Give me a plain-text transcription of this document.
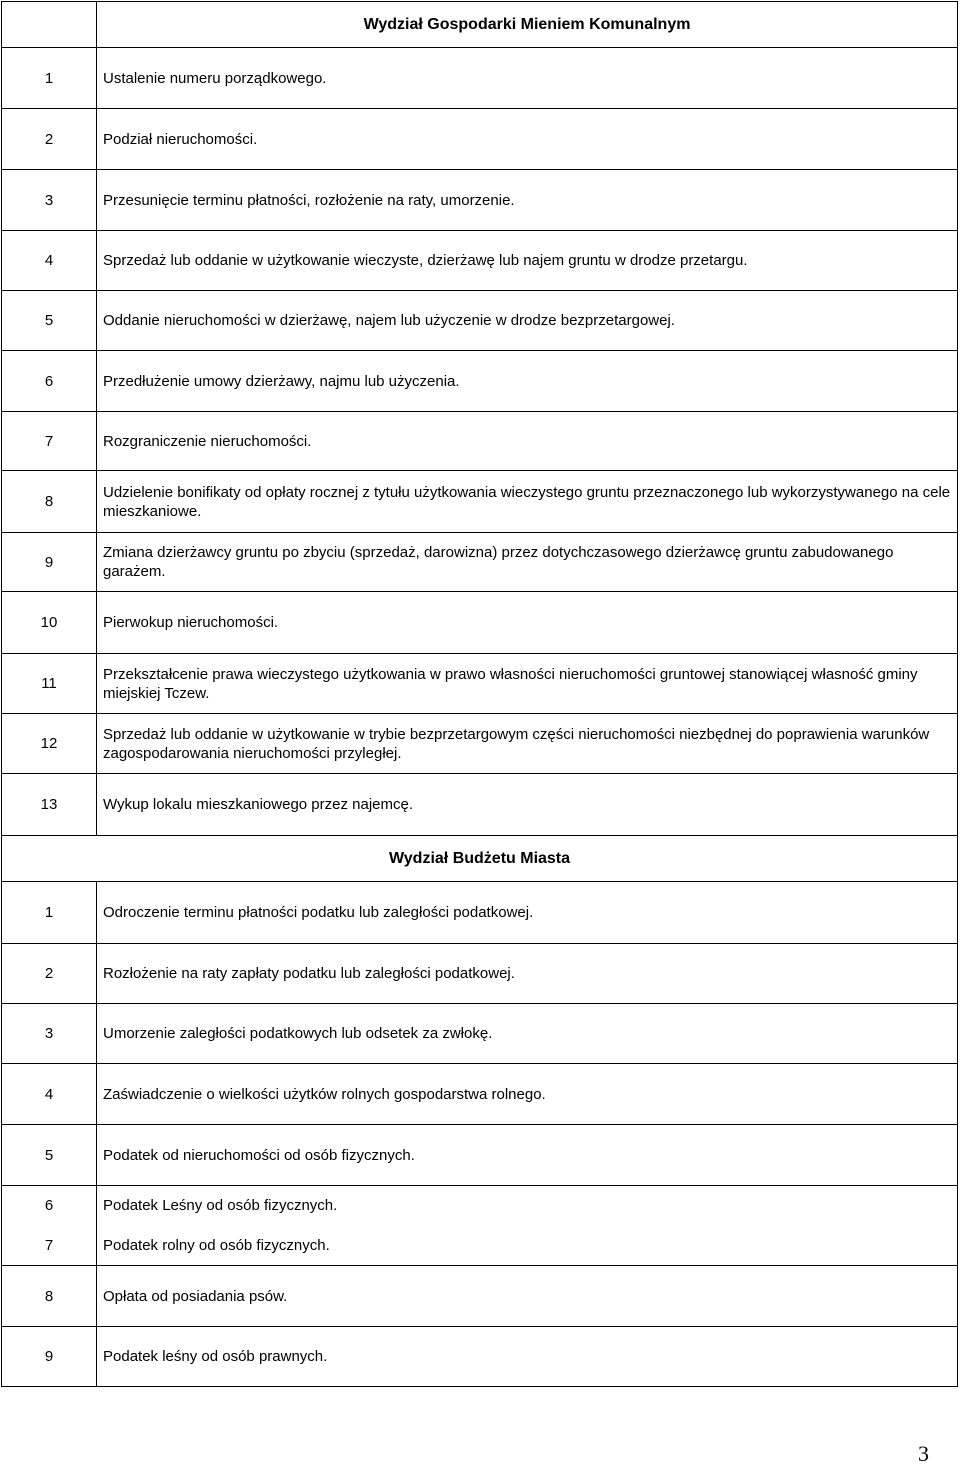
	Wydział Gospodarki Mieniem Komunalnym
1	Ustalenie numeru porządkowego.
2	Podział nieruchomości.
3	Przesunięcie terminu płatności, rozłożenie na raty, umorzenie.
4	Sprzedaż lub oddanie w użytkowanie wieczyste, dzierżawę lub najem gruntu w drodze przetargu.
5	Oddanie nieruchomości w dzierżawę, najem lub użyczenie w drodze bezprzetargowej.
6	Przedłużenie umowy dzierżawy, najmu lub użyczenia.
7	Rozgraniczenie nieruchomości.
8	Udzielenie bonifikaty od opłaty rocznej z tytułu użytkowania wieczystego gruntu przeznaczonego lub wykorzystywanego na cele mieszkaniowe.
9	Zmiana dzierżawcy gruntu po zbyciu (sprzedaż, darowizna) przez dotychczasowego dzierżawcę gruntu zabudowanego garażem.
10	Pierwokup nieruchomości.
11	Przekształcenie prawa wieczystego użytkowania w prawo własności nieruchomości gruntowej stanowiącej własność gminy miejskiej Tczew.
12	Sprzedaż lub oddanie w użytkowanie w trybie bezprzetargowym części nieruchomości niezbędnej do poprawienia warunków zagospodarowania nieruchomości przyległej.
13	Wykup lokalu mieszkaniowego przez najemcę.
Wydział Budżetu Miasta	
1	Odroczenie terminu płatności podatku lub zaległości podatkowej.
2	Rozłożenie na raty zapłaty podatku lub zaległości podatkowej.
3	Umorzenie zaległości podatkowych lub odsetek za zwłokę.
4	Zaświadczenie o wielkości użytków rolnych gospodarstwa rolnego.
5	Podatek od nieruchomości od osób fizycznych.
6	Podatek Leśny od osób fizycznych.
7	Podatek rolny od osób fizycznych.
8	Opłata od posiadania psów.
9	Podatek leśny od osób prawnych.
3
